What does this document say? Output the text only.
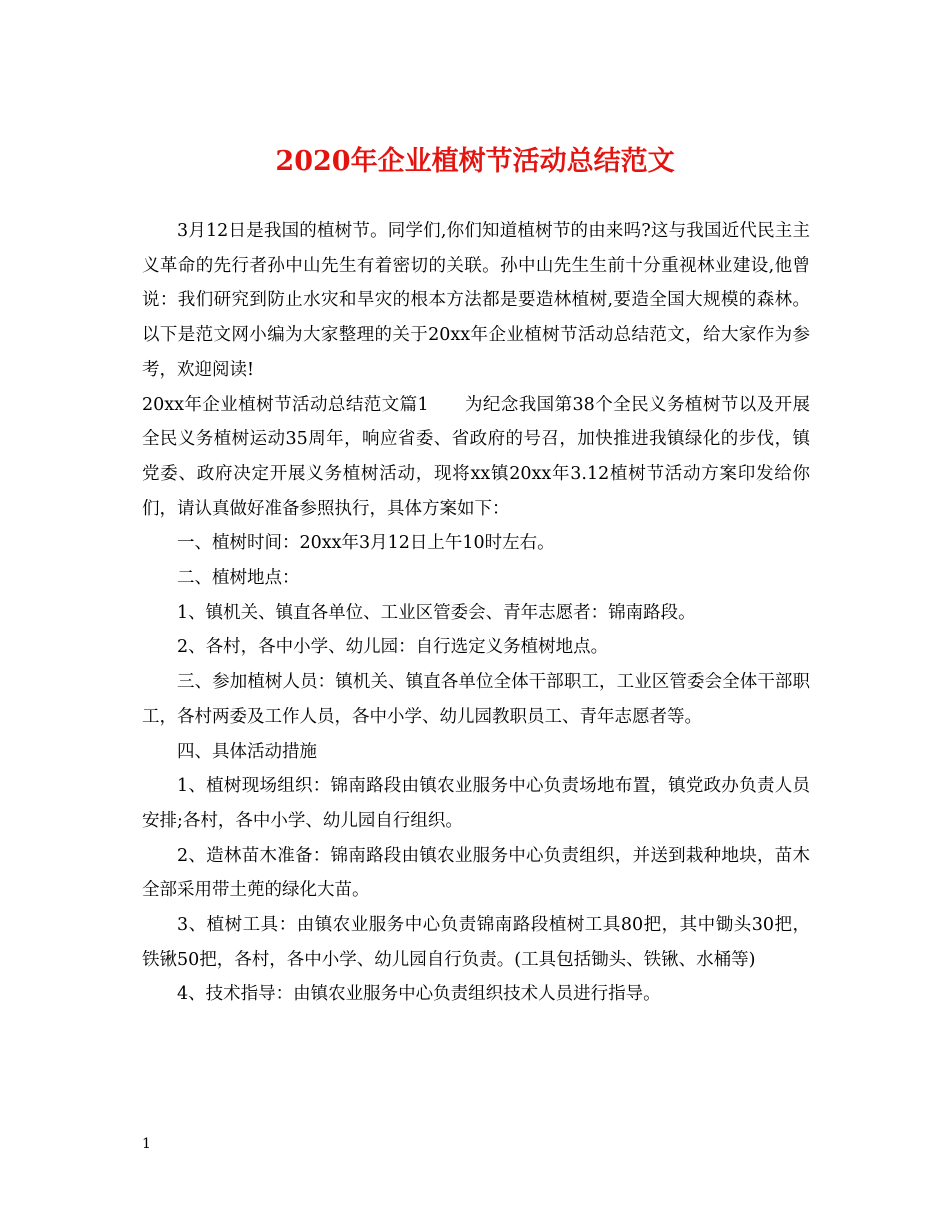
2020年企业植树节活动总结范文

3月12日是我国的植树节。同学们,你们知道植树节的由来吗?这与我国近代民主主义革命的先行者孙中山先生有着密切的关联。孙中山先生生前十分重视林业建设,他曾说：我们研究到防止水灾和旱灾的根本方法都是要造林植树,要造全国大规模的森林。以下是范文网小编为大家整理的关于20xx年企业植树节活动总结范文，给大家作为参考，欢迎阅读!

20xx年企业植树节活动总结范文篇1　　为纪念我国第38个全民义务植树节以及开展全民义务植树运动35周年，响应省委、省政府的号召，加快推进我镇绿化的步伐，镇党委、政府决定开展义务植树活动，现将xx镇20xx年3.12植树节活动方案印发给你们，请认真做好准备参照执行，具体方案如下：

一、植树时间：20xx年3月12日上午10时左右。

二、植树地点：

1、镇机关、镇直各单位、工业区管委会、青年志愿者：锦南路段。

2、各村，各中小学、幼儿园：自行选定义务植树地点。

三、参加植树人员：镇机关、镇直各单位全体干部职工，工业区管委会全体干部职工，各村两委及工作人员，各中小学、幼儿园教职员工、青年志愿者等。

四、具体活动措施

1、植树现场组织：锦南路段由镇农业服务中心负责场地布置，镇党政办负责人员安排;各村，各中小学、幼儿园自行组织。

2、造林苗木准备：锦南路段由镇农业服务中心负责组织，并送到栽种地块，苗木全部采用带土蔸的绿化大苗。

3、植树工具：由镇农业服务中心负责锦南路段植树工具80把，其中锄头30把，铁锹50把，各村，各中小学、幼儿园自行负责。(工具包括锄头、铁锹、水桶等)

4、技术指导：由镇农业服务中心负责组织技术人员进行指导。

1
